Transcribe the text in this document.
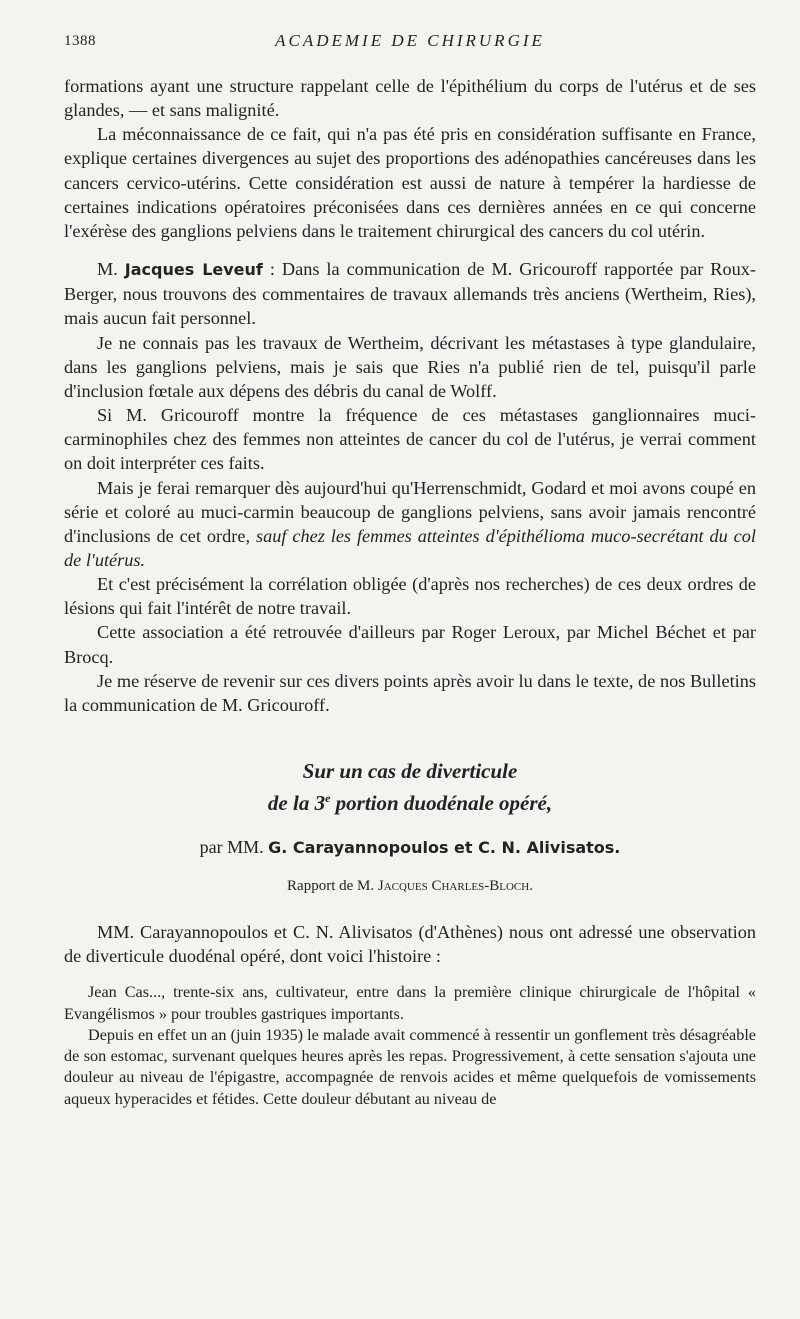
1388	ACADEMIE DE CHIRURGIE

formations ayant une structure rappelant celle de l'épithélium du corps de l'utérus et de ses glandes, — et sans malignité.

La méconnaissance de ce fait, qui n'a pas été pris en considération suffisante en France, explique certaines divergences au sujet des proportions des adénopathies cancéreuses dans les cancers cervico-utérins. Cette considération est aussi de nature à tempérer la hardiesse de certaines indications opératoires préconisées dans ces dernières années en ce qui concerne l'exérèse des ganglions pelviens dans le traitement chirurgical des cancers du col utérin.

M. Jacques Leveuf : Dans la communication de M. Gricouroff rapportée par Roux-Berger, nous trouvons des commentaires de travaux allemands très anciens (Wertheim, Ries), mais aucun fait personnel.

Je ne connais pas les travaux de Wertheim, décrivant les métastases à type glandulaire, dans les ganglions pelviens, mais je sais que Ries n'a publié rien de tel, puisqu'il parle d'inclusion fœtale aux dépens des débris du canal de Wolff.

Si M. Gricouroff montre la fréquence de ces métastases ganglionnaires muci-carminophiles chez des femmes non atteintes de cancer du col de l'utérus, je verrai comment on doit interpréter ces faits.

Mais je ferai remarquer dès aujourd'hui qu'Herrenschmidt, Godard et moi avons coupé en série et coloré au muci-carmin beaucoup de ganglions pelviens, sans avoir jamais rencontré d'inclusions de cet ordre, sauf chez les femmes atteintes d'épithélioma muco-secrétant du col de l'utérus.

Et c'est précisément la corrélation obligée (d'après nos recherches) de ces deux ordres de lésions qui fait l'intérêt de notre travail.

Cette association a été retrouvée d'ailleurs par Roger Leroux, par Michel Béchet et par Brocq.

Je me réserve de revenir sur ces divers points après avoir lu dans le texte, de nos Bulletins la communication de M. Gricouroff.

Sur un cas de diverticule
de la 3e portion duodénale opéré,
par MM. G. Carayannopoulos et C. N. Alivisatos.
Rapport de M. Jacques Charles-Bloch.

MM. Carayannopoulos et C. N. Alivisatos (d'Athènes) nous ont adressé une observation de diverticule duodénal opéré, dont voici l'histoire :

Jean Cas..., trente-six ans, cultivateur, entre dans la première clinique chirurgicale de l'hôpital « Evangélismos » pour troubles gastriques importants.

Depuis en effet un an (juin 1935) le malade avait commencé à ressentir un gonflement très désagréable de son estomac, survenant quelques heures après les repas. Progressivement, à cette sensation s'ajouta une douleur au niveau de l'épigastre, accompagnée de renvois acides et même quelquefois de vomissements aqueux hyperacides et fétides. Cette douleur débutant au niveau de
